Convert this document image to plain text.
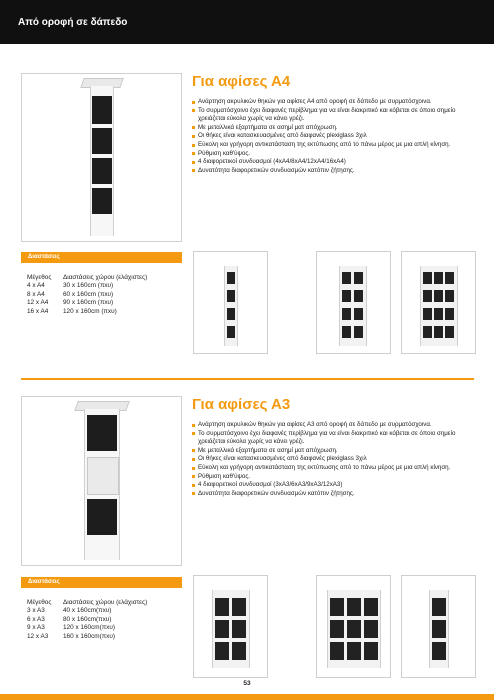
Από οροφή σε δάπεδο
Για αφίσες Α4
Ανάρτηση ακρυλικών θηκών για αφίσες Α4 από οροφή σε δάπεδο με συρματόσχοινα.
Το συρματόσχοινο έχει διαφανές περίβλημα για να είναι διακριτικό και κόβεται σε όποιο σημείο χρειάζεται εύκολα χωρίς να κάνει γρέζι.
Με μεταλλικά εξαρτήματα σε ασημί ματ απόχρωση.
Οι θήκες είναι κατασκευασμένες από διαφανές plexiglass 3χιλ
Εύκολη και γρήγορη αντικατάσταση της εκτύπωσης από το πάνω μέρος με μια απλή κίνηση.
Ρύθμιση καθ'ύψος.
4 διαφορετικοί συνδυασμοί (4xA4/8xA4/12xA4/16xA4)
Δυνατότητα διαφορετικών συνδυασμών κατόπιν ζήτησης.
Διαστάσεις
Μέγεθος	Διαστάσεις χώρου (ελάχιστες)
4 x A4	30 x 160cm (πxυ)
8 x A4	60 x 160cm (πxυ)
12 x A4	90 x 160cm (πxυ)
16 x A4	120 x 160cm (πxυ)
Για αφίσες Α3
Ανάρτηση ακρυλικών θηκών για αφίσες Α3 από οροφή σε δάπεδο με συρματόσχοινα.
Το συρματόσχοινο έχει διαφανές περίβλημα για να είναι διακριτικό και κόβεται σε όποιο σημείο χρειάζεται εύκολα χωρίς να κάνει γρέζι.
Με μεταλλικά εξαρτήματα σε ασημί ματ απόχρωση.
Οι θήκες είναι κατασκευασμένες από διαφανές plexiglass 3χιλ
Εύκολη και γρήγορη αντικατάσταση της εκτύπωσης από το πάνω μέρος με μια απλή κίνηση.
Ρύθμιση καθ'ύψος.
4 διαφορετικοί συνδυασμοί (3xA3/6xA3/9xA3/12xA3)
Δυνατότητα διαφορετικών συνδυασμών κατόπιν ζήτησης.
Διαστάσεις
Μέγεθος	Διαστάσεις χώρου (ελάχιστες)
3 x A3	40 x 160cm(πxυ)
6 x A3	80 x 160cm(πxυ)
9 x A3	120 x 160cm(πxυ)
12 x A3	160 x 160cm(πxυ)
53
